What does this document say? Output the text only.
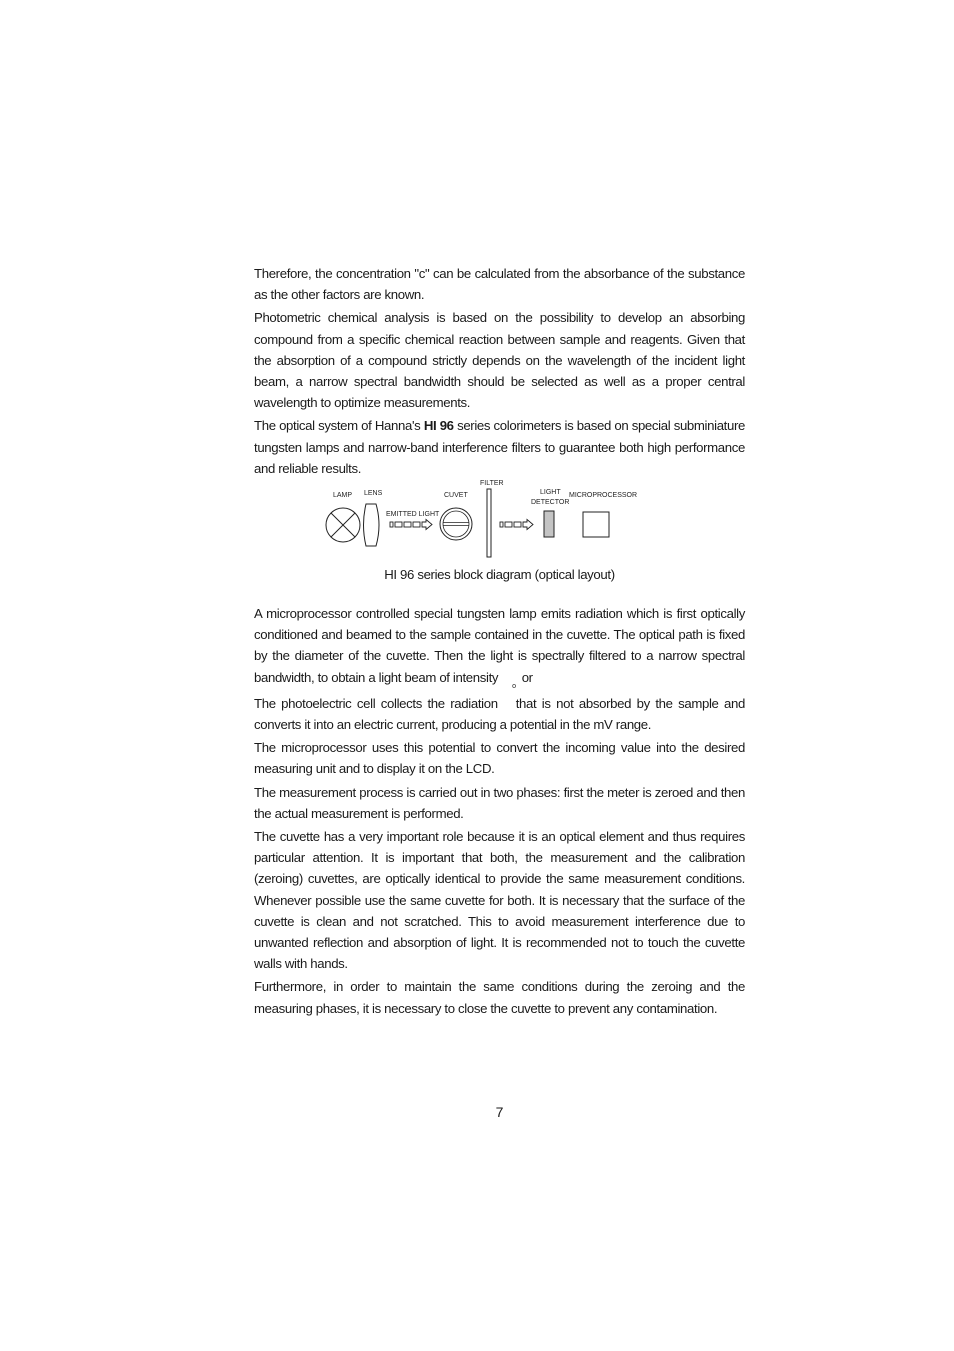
Therefore, the concentration "c" can be calculated from the absorbance of the substance as the other factors are known.

Photometric chemical analysis is based on the possibility to develop an absorbing compound from a specific chemical reaction between sample and reagents. Given that the absorption of a compound strictly depends on the wavelength of the incident light beam, a narrow spectral bandwidth should be selected as well as a proper central wavelength to optimize measurements.

The optical system of Hanna's HI 96 series colorimeters is based on special subminiature tungsten lamps and narrow-band interference filters to guarantee both high performance and reliable results.

LAMP LENS	CUVET
FILTER
LIGHT
DETECTOR
MICROPROCESSOR
EMITTED LIGHT
HI 96 series block diagram (optical layout)

A microprocessor controlled special tungsten lamp emits radiation which is first optically conditioned and beamed to the sample contained in the cuvette. The optical path is fixed by the diameter of the cuvette. Then the light is spectrally filtered to a narrow spectral bandwidth, to obtain a light beam of intensity$_o$or

The photoelectric cell collects the radiation that is not absorbed by the sample and converts it into an electric current, producing a potential in the mV range.

The microprocessor uses this potential to convert the incoming value into the desired measuring unit and to display it on the LCD.

The measurement process is carried out in two phases: first the meter is zeroed and then the actual measurement is performed.

The cuvette has a very important role because it is an optical element and thus requires particular attention. It is important that both, the measurement and the calibration (zeroing) cuvettes, are optically identical to provide the same measurement conditions. Whenever possible use the same cuvette for both. It is necessary that the surface of the cuvette is clean and not scratched. This to avoid measurement interference due to unwanted reflection and absorption of light. It is recommended not to touch the cuvette walls with hands.

Furthermore, in order to maintain the same conditions during the zeroing and the measuring phases, it is necessary to close the cuvette to prevent any contamination.

7
